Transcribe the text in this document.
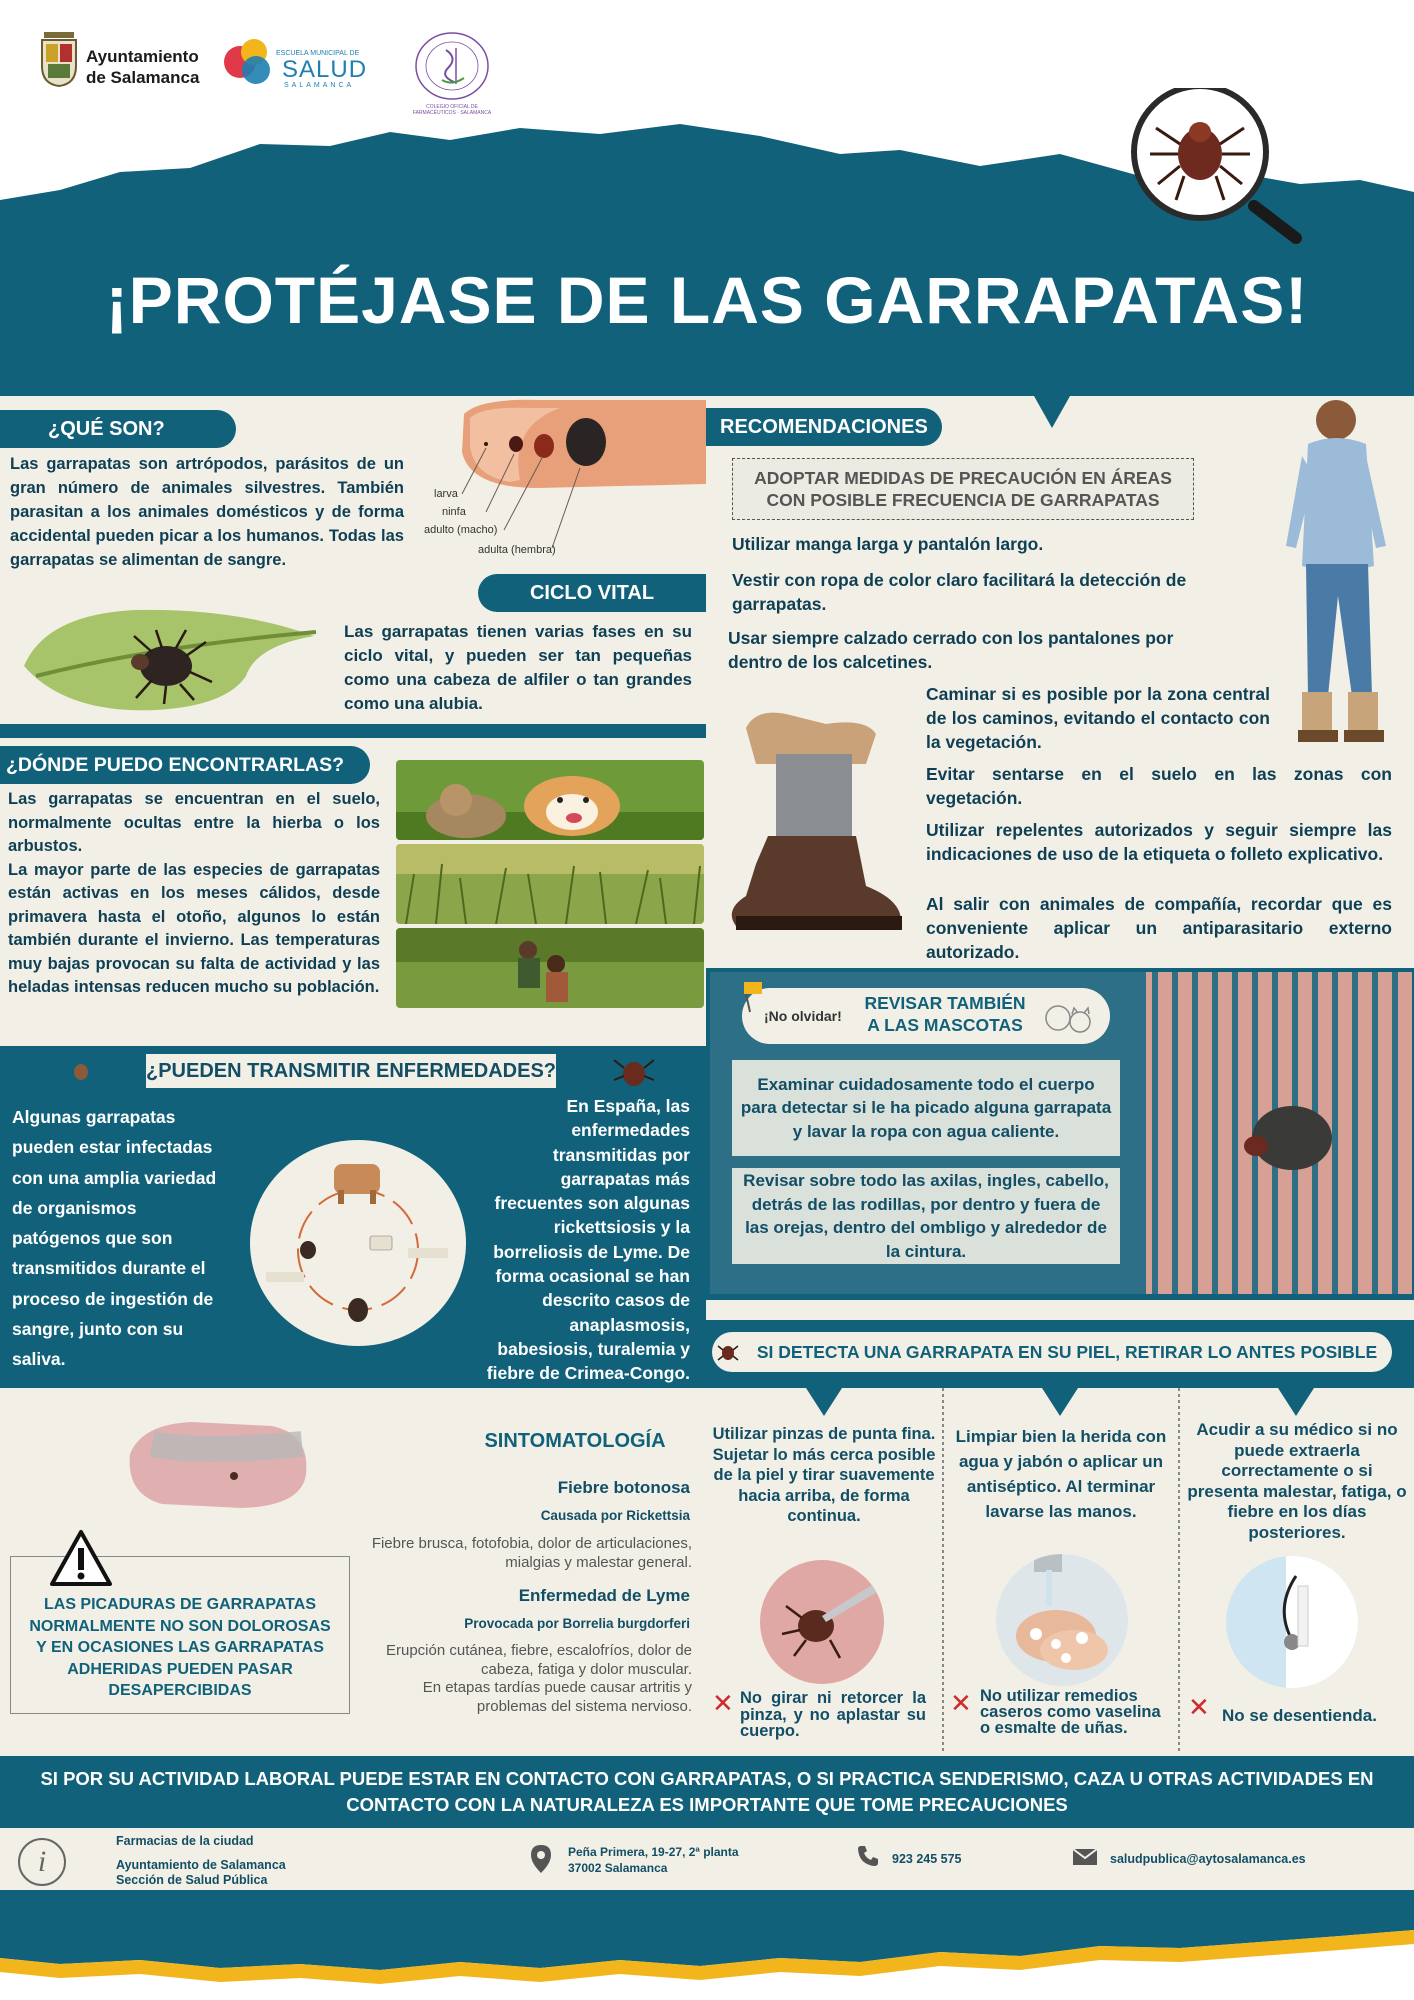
Ayuntamiento
de Salamanca
ESCUELA MUNICIPAL DE
SALUD
SALAMANCA
COLEGIO OFICIAL DE FARMACÉUTICOS · SALAMANCA
¡PROTÉJASE DE LAS GARRAPATAS!
¿QUÉ SON?
Las garrapatas son artrópodos, parásitos de un gran número de animales silvestres. También parasitan a los animales domésticos y de forma accidental pueden picar a los humanos. Todas las garrapatas se alimentan de sangre.
larva
ninfa
adulto (macho)
adulta (hembra)
CICLO VITAL
Las garrapatas tienen varias fases en su ciclo vital, y pueden ser tan pequeñas como una cabeza de alfiler o tan grandes como una alubia.
¿DÓNDE PUEDO ENCONTRARLAS?
Las garrapatas se encuentran en el suelo, normalmente ocultas entre la hierba o los arbustos.
La mayor parte de las especies de garrapatas están activas en los meses cálidos, desde primavera hasta el otoño, algunos lo están también durante el invierno. Las temperaturas muy bajas provocan su falta de actividad y las heladas intensas reducen mucho su población.
¿PUEDEN TRANSMITIR ENFERMEDADES?
Algunas garrapatas pueden estar infectadas con una amplia variedad de organismos patógenos que son transmitidos durante el proceso de ingestión de sangre, junto con su saliva.
En España, las enfermedades transmitidas por garrapatas más frecuentes son algunas rickettsiosis y la borreliosis de Lyme. De forma ocasional se han descrito casos de anaplasmosis, babesiosis, turalemia y fiebre de Crimea-Congo.
RECOMENDACIONES
ADOPTAR MEDIDAS DE PRECAUCIÓN EN ÁREAS CON POSIBLE FRECUENCIA DE GARRAPATAS
Utilizar manga larga y pantalón largo.
Vestir con ropa de color claro facilitará la detección de garrapatas.
Usar siempre calzado cerrado con los pantalones por dentro de los calcetines.
Caminar si es posible por la zona central de los caminos, evitando el contacto con la vegetación.
Evitar sentarse en el suelo en las zonas con vegetación.
Utilizar repelentes autorizados y seguir siempre las indicaciones de uso de la etiqueta o folleto explicativo.
Al salir con animales de compañía, recordar que es conveniente aplicar un antiparasitario externo autorizado.
¡No olvidar!
REVISAR TAMBIÉN
A LAS MASCOTAS
Examinar cuidadosamente todo el cuerpo para detectar si le ha picado alguna garrapata y lavar la ropa con agua caliente.
Revisar sobre todo las axilas, ingles, cabello, detrás de las rodillas, por dentro y fuera de las orejas, dentro del ombligo y alrededor de la cintura.
SI DETECTA UNA GARRAPATA EN SU PIEL, RETIRAR LO ANTES POSIBLE
LAS PICADURAS DE GARRAPATAS NORMALMENTE NO SON DOLOROSAS Y EN OCASIONES LAS GARRAPATAS ADHERIDAS PUEDEN PASAR DESAPERCIBIDAS
SINTOMATOLOGÍA
Fiebre botonosa
Causada por Rickettsia
Fiebre brusca, fotofobia, dolor de articulaciones, mialgias y malestar general.
Enfermedad de Lyme
Provocada por Borrelia burgdorferi
Erupción cutánea, fiebre, escalofríos, dolor de cabeza, fatiga y dolor muscular.
En etapas tardías puede causar artritis y problemas del sistema nervioso.
Utilizar pinzas de punta fina. Sujetar lo más cerca posible de la piel y tirar suavemente hacia arriba, de forma continua.
✕ No girar ni retorcer la pinza, y no aplastar su cuerpo.
Limpiar bien la herida con agua y jabón o aplicar un antiséptico. Al terminar lavarse las manos.
✕ No utilizar remedios caseros como vaselina o esmalte de uñas.
Acudir a su médico si no puede extraerla correctamente o si presenta malestar, fatiga, o fiebre en los días posteriores.
✕ No se desentienda.
SI POR SU ACTIVIDAD LABORAL PUEDE ESTAR EN CONTACTO CON GARRAPATAS, O SI PRACTICA SENDERISMO, CAZA U OTRAS ACTIVIDADES EN CONTACTO CON LA NATURALEZA ES IMPORTANTE QUE TOME PRECAUCIONES
i
Farmacias de la ciudad
Ayuntamiento de Salamanca
Sección de Salud Pública
Peña Primera, 19-27, 2ª planta
37002 Salamanca
923 245 575	saludpublica@aytosalamanca.es
